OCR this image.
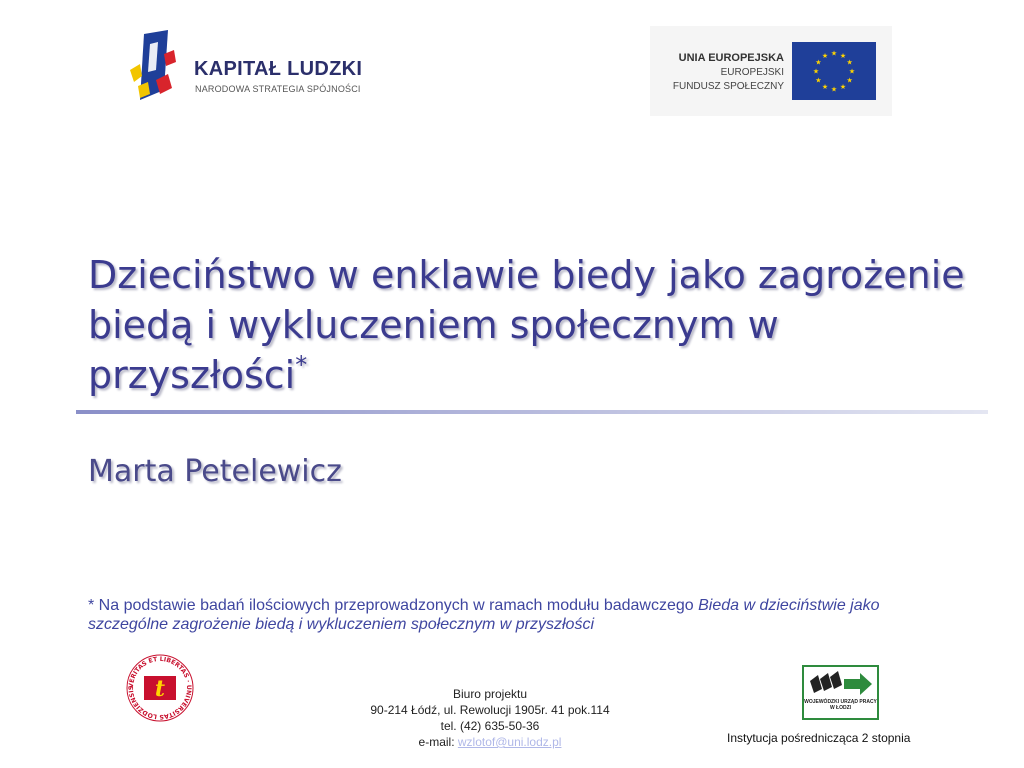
KAPITAŁ LUDZKI
NARODOWA STRATEGIA SPÓJNOŚCI
UNIA EUROPEJSKA
EUROPEJSKI
FUNDUSZ SPOŁECZNY
★ ★
★
★
★
★
★
★
★
★
★
★
Dzieciństwo w enklawie biedy jako zagrożenie
biedą i wykluczeniem społecznym w
przyszłości*
Marta Petelewicz
* Na podstawie badań ilościowych przeprowadzonych w ramach modułu badawczego Bieda w dzieciństwie jako szczególne zagrożenie biedą i wykluczeniem społecznym w przyszłości
VERITAS ET LIBERTAS · UNIVERSITAS LODZIENSIS t	Biuro projektu
90-214 Łódź, ul. Rewolucji 1905r. 41 pok.114
tel. (42) 635-50-36
e-mail: wzlotof@uni.lodz.pl
WOJEWÓDZKI URZĄD PRACY W ŁODZI
Instytucja pośrednicząca 2 stopnia
